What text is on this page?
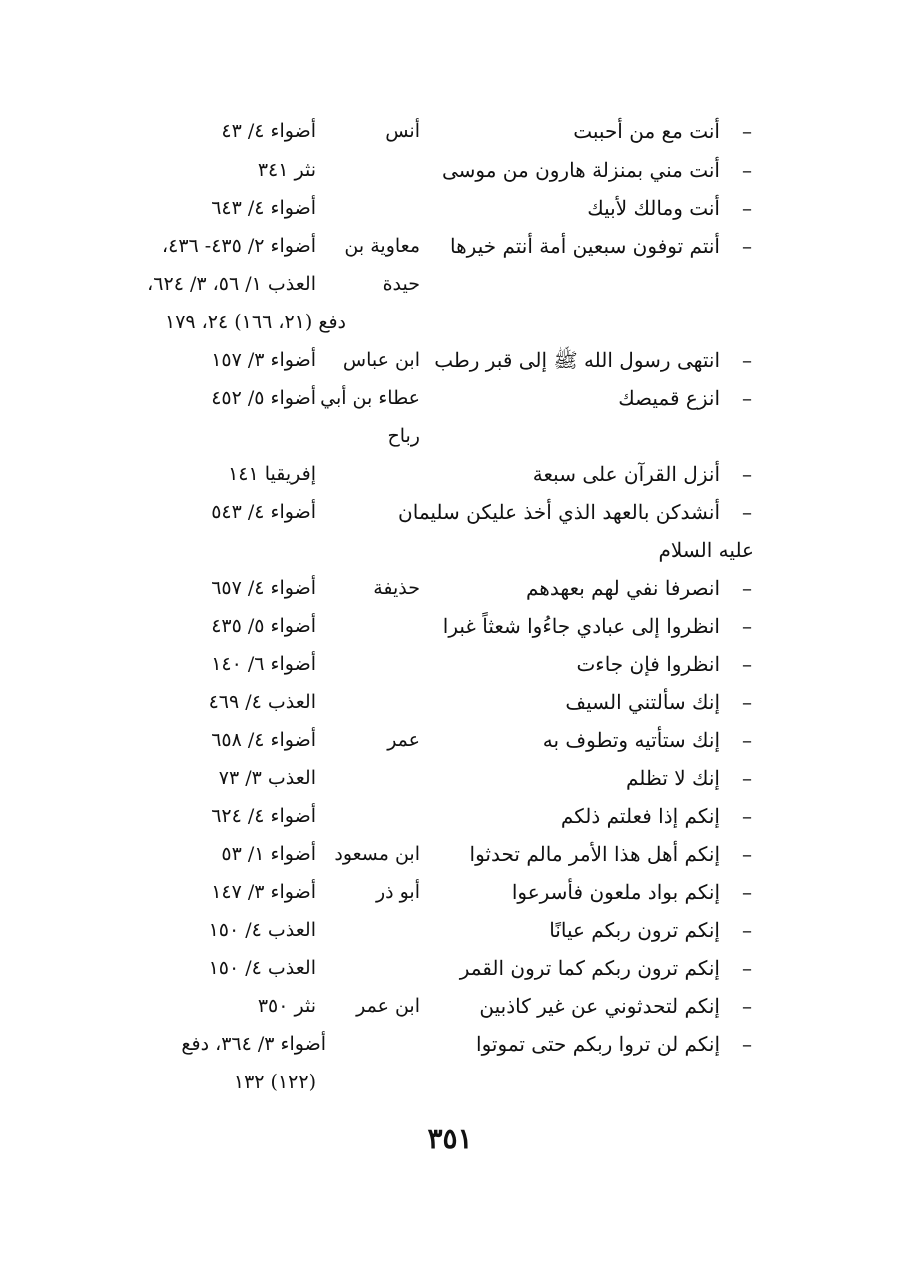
–
أنت مع من أحببت
أنس
أضواء ٤/ ٤٣
–
أنت مني بمنزلة هارون من موسى
نثر ٣٤١
–
أنت ومالك لأبيك
أضواء ٤/ ٦٤٣
–
أنتم توفون سبعين أمة أنتم خيرها
معاوية بن
أضواء ٢/ ٤٣٥- ٤٣٦،
حيدة
العذب ١/ ٥٦، ٣/ ٦٢٤،
دفع (٢١، ١٦٦) ٢٤، ١٧٩
–
انتهى رسول الله ﷺ إلى قبر رطب
ابن عباس
أضواء ٣/ ١٥٧
–
انزع قميصك
عطاء بن أبي
أضواء ٥/ ٤٥٢
رباح
–
أنزل القرآن على سبعة
إفريقيا ١٤١
–
أنشدكن بالعهد الذي أخذ عليكن سليمان
أضواء ٤/ ٥٤٣
عليه السلام
–
انصرفا نفي لهم بعهدهم
حذيفة
أضواء ٤/ ٦٥٧
–
انظروا إلى عبادي جاءُوا شعثاً غبرا
أضواء ٥/ ٤٣٥
–
انظروا فإن جاءت
أضواء ٦/ ١٤٠
–
إنك سألتني السيف
العذب ٤/ ٤٦٩
–
إنك ستأتيه وتطوف به
عمر
أضواء ٤/ ٦٥٨
–
إنك لا تظلم
العذب ٣/ ٧٣
–
إنكم إذا فعلتم ذلكم
أضواء ٤/ ٦٢٤
–
إنكم أهل هذا الأمر مالم تحدثوا
ابن مسعود
أضواء ١/ ٥٣
–
إنكم بواد ملعون فأسرعوا
أبو ذر
أضواء ٣/ ١٤٧
–
إنكم ترون ربكم عيانًا
العذب ٤/ ١٥٠
–
إنكم ترون ربكم كما ترون القمر
العذب ٤/ ١٥٠
–
إنكم لتحدثوني عن غير كاذبين
ابن عمر
نثر ٣٥٠
–
إنكم لن تروا ربكم حتى تموتوا
أضواء ٣/ ٣٦٤، دفع
(١٢٢) ١٣٢
٣٥١
